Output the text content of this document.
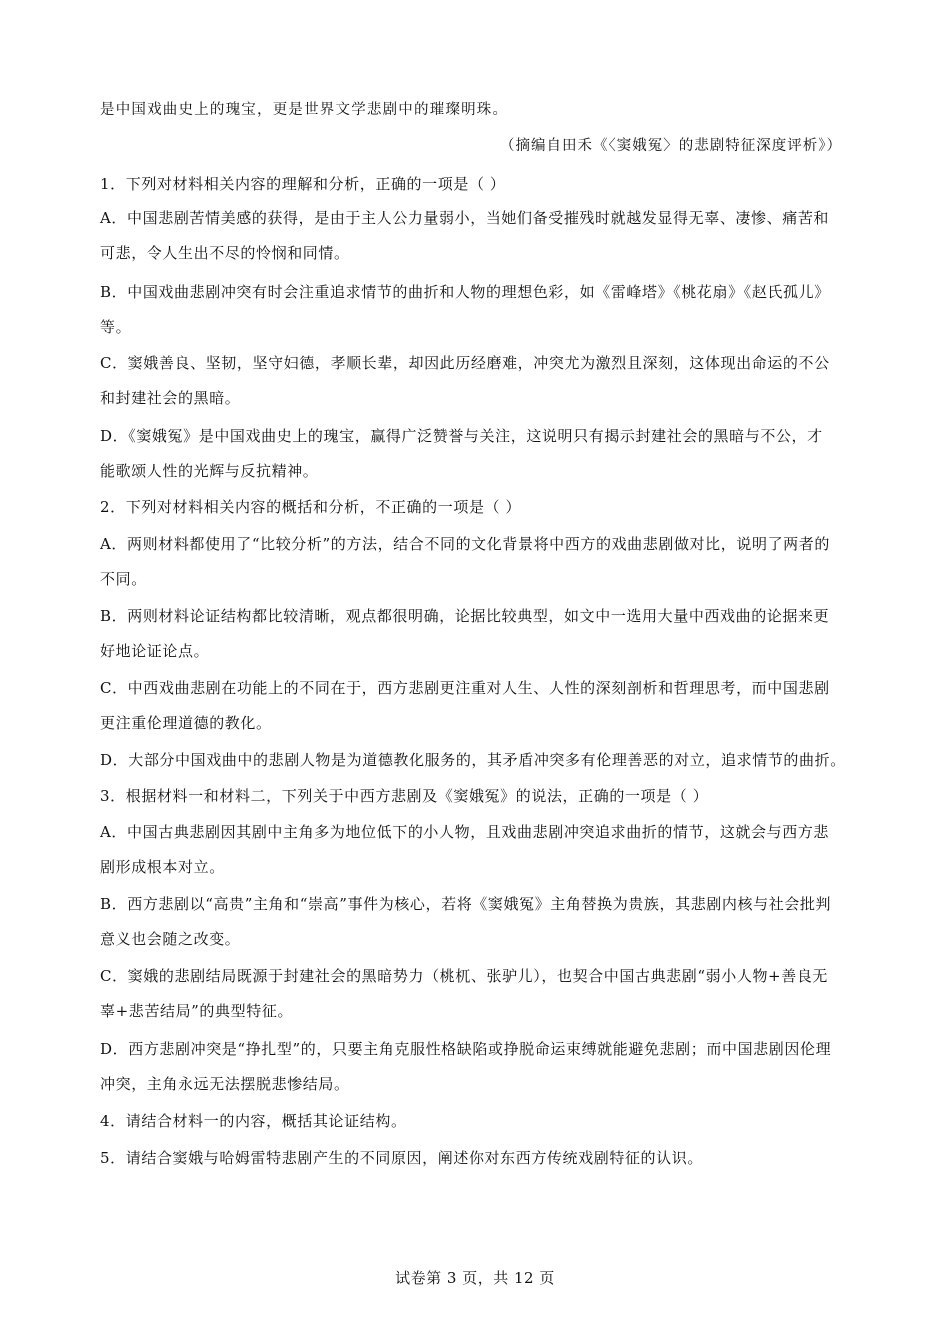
是中国戏曲史上的瑰宝，更是世界文学悲剧中的璀璨明珠。
（摘编自田禾《〈窦娥冤〉的悲剧特征深度评析》）
1．下列对材料相关内容的理解和分析，正确的一项是（ ）
A．中国悲剧苦情美感的获得，是由于主人公力量弱小，当她们备受摧残时就越发显得无辜、凄惨、痛苦和
可悲，令人生出不尽的怜悯和同情。
B．中国戏曲悲剧冲突有时会注重追求情节的曲折和人物的理想色彩，如《雷峰塔》《桃花扇》《赵氏孤儿》
等。
C．窦娥善良、坚韧，坚守妇德，孝顺长辈，却因此历经磨难，冲突尤为激烈且深刻，这体现出命运的不公
和封建社会的黑暗。
D．《窦娥冤》是中国戏曲史上的瑰宝，赢得广泛赞誉与关注，这说明只有揭示封建社会的黑暗与不公，才
能歌颂人性的光辉与反抗精神。
2．下列对材料相关内容的概括和分析，不正确的一项是（ ）
A．两则材料都使用了“比较分析”的方法，结合不同的文化背景将中西方的戏曲悲剧做对比，说明了两者的
不同。
B．两则材料论证结构都比较清晰，观点都很明确，论据比较典型，如文中一选用大量中西戏曲的论据来更
好地论证论点。
C．中西戏曲悲剧在功能上的不同在于，西方悲剧更注重对人生、人性的深刻剖析和哲理思考，而中国悲剧
更注重伦理道德的教化。
D．大部分中国戏曲中的悲剧人物是为道德教化服务的，其矛盾冲突多有伦理善恶的对立，追求情节的曲折。
3．根据材料一和材料二，下列关于中西方悲剧及《窦娥冤》的说法，正确的一项是（ ）
A．中国古典悲剧因其剧中主角多为地位低下的小人物，且戏曲悲剧冲突追求曲折的情节，这就会与西方悲
剧形成根本对立。
B．西方悲剧以“高贵”主角和“崇高”事件为核心，若将《窦娥冤》主角替换为贵族，其悲剧内核与社会批判
意义也会随之改变。
C．窦娥的悲剧结局既源于封建社会的黑暗势力（桃杌、张驴儿），也契合中国古典悲剧“弱小人物+善良无
辜+悲苦结局”的典型特征。
D．西方悲剧冲突是“挣扎型”的，只要主角克服性格缺陷或挣脱命运束缚就能避免悲剧；而中国悲剧因伦理
冲突，主角永远无法摆脱悲惨结局。
4．请结合材料一的内容，概括其论证结构。
5．请结合窦娥与哈姆雷特悲剧产生的不同原因，阐述你对东西方传统戏剧特征的认识。
试卷第 3 页，共 12 页
